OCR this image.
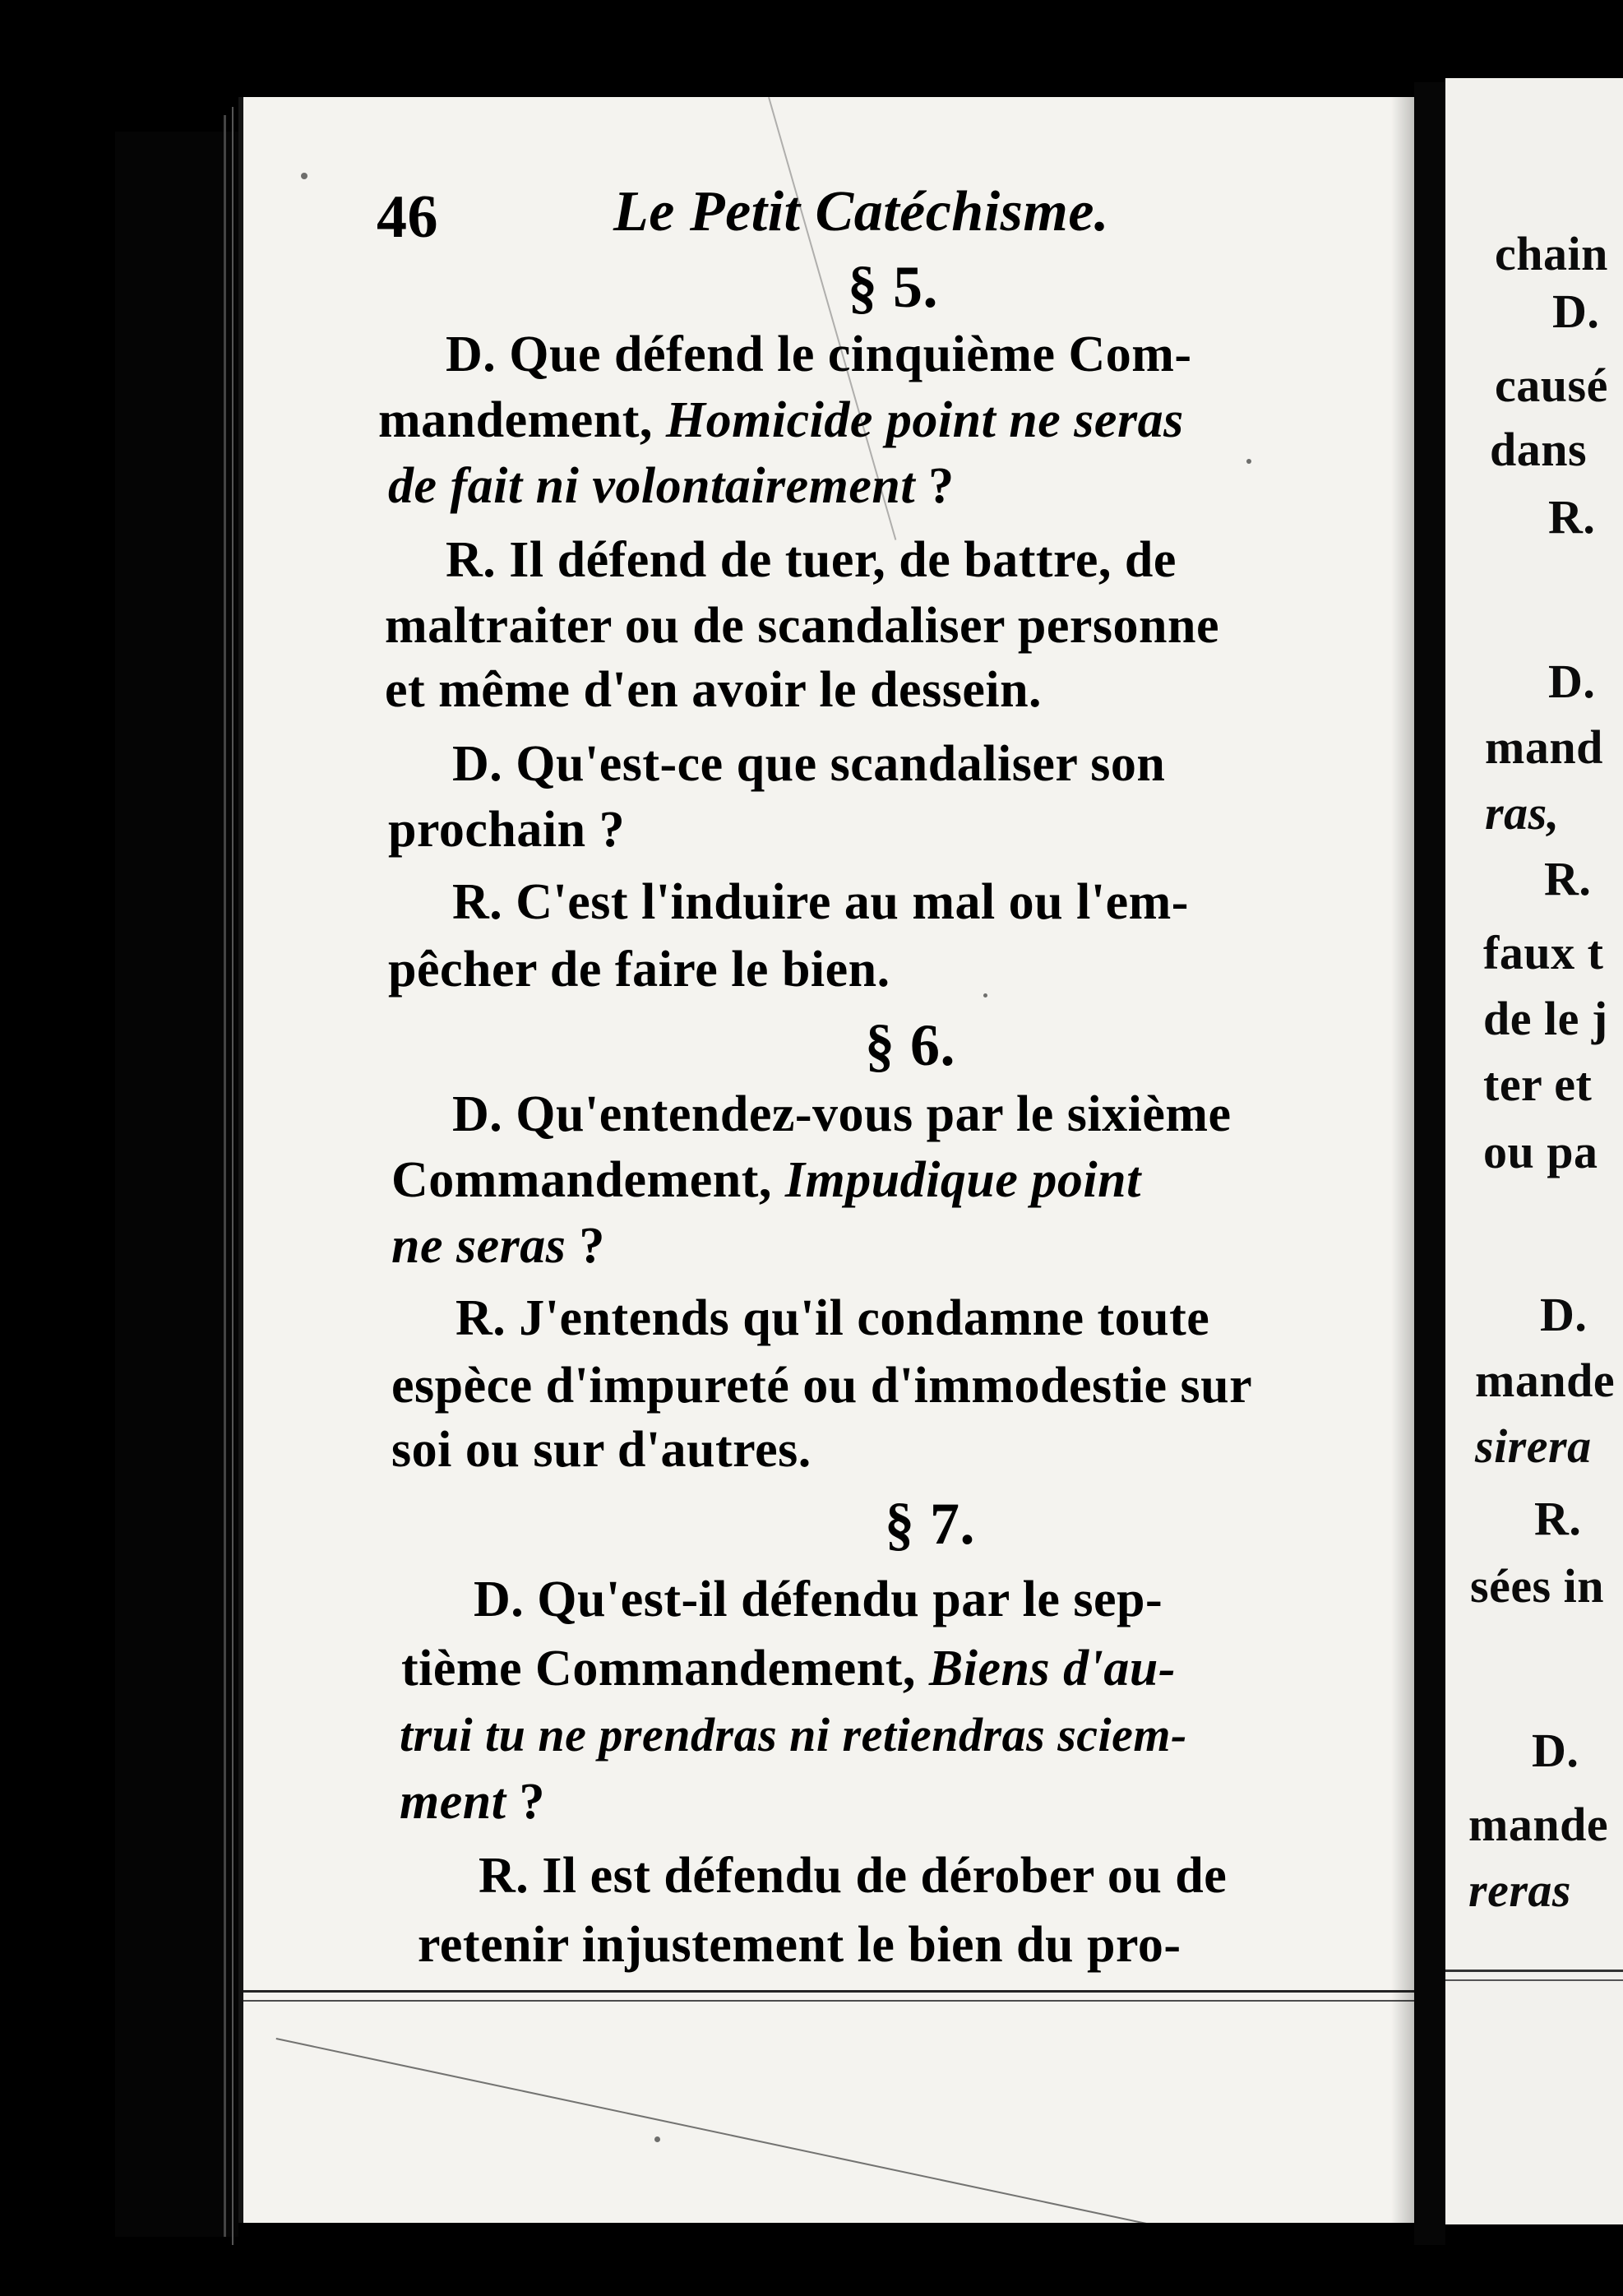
46	Le Petit Catéchisme.
§ 5.
D. Que défend le cinquième Com-
mandement, Homicide point ne seras
de fait ni volontairement ?
R. Il défend de tuer, de battre, de
maltraiter ou de scandaliser personne
et même d'en avoir le dessein.
D. Qu'est-ce que scandaliser son
prochain ?
R. C'est l'induire au mal ou l'em-
pêcher de faire le bien.
§ 6.
D. Qu'entendez-vous par le sixième
Commandement, Impudique point
ne seras ?
R. J'entends qu'il condamne toute
espèce d'impureté ou d'immodestie sur
soi ou sur d'autres.
§ 7.
D. Qu'est-il défendu par le sep-
tième Commandement, Biens d'au-
trui tu ne prendras ni retiendras sciem-
ment ?
R. Il est défendu de dérober ou de
retenir injustement le bien du pro-
chain
D.
causé
dans
R.
D.
mand
ras,
R.
faux t
de le j
ter et
ou pa
D.
mande
sirera
R.
sées in
D.
mande
reras
